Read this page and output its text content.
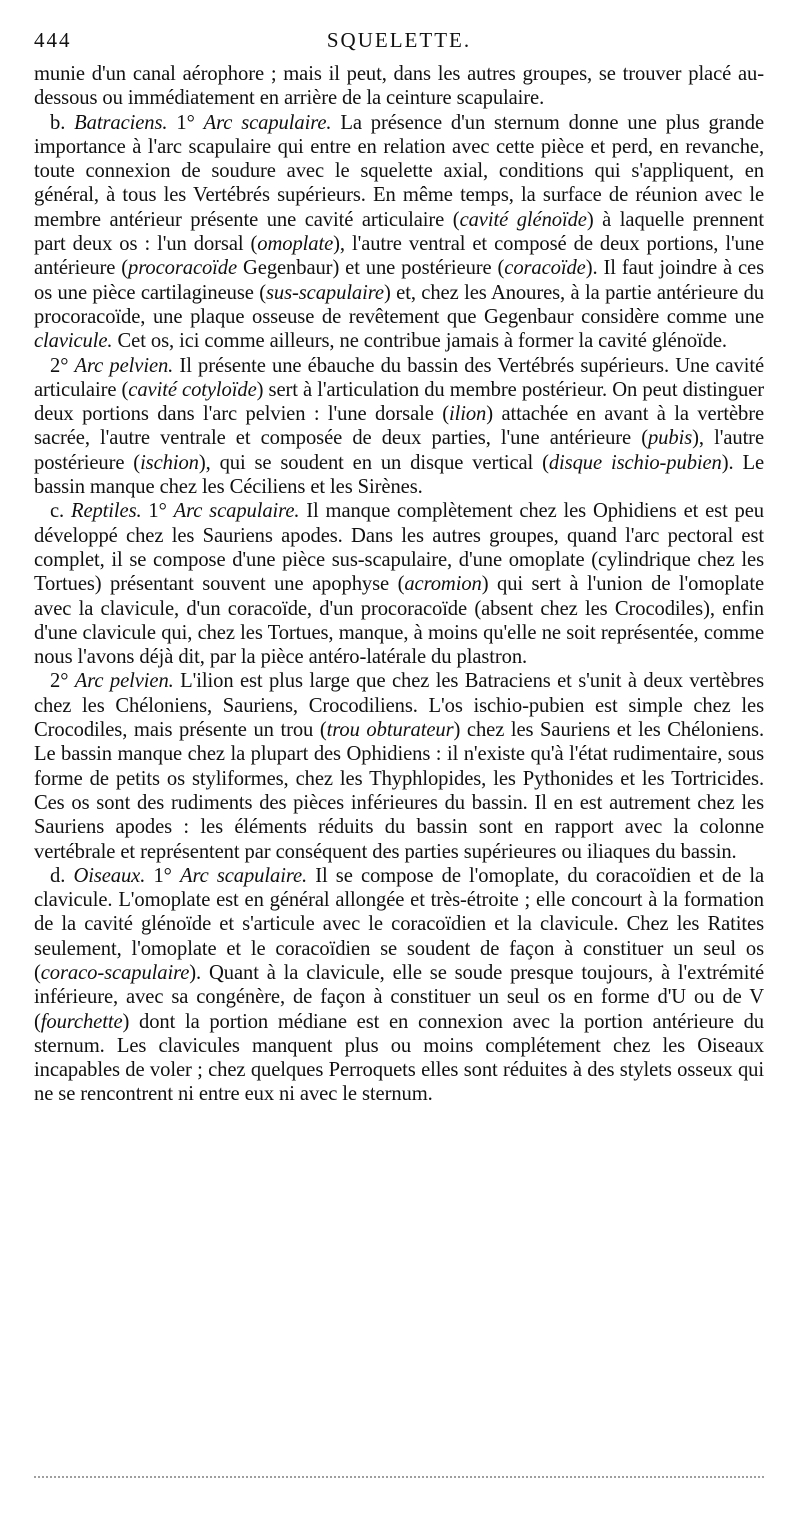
444	SQUELETTE.

munie d'un canal aérophore ; mais il peut, dans les autres groupes, se trouver placé au-dessous ou immédiatement en arrière de la ceinture scapulaire.

b. Batraciens. 1° Arc scapulaire. La présence d'un sternum donne une plus grande importance à l'arc scapulaire qui entre en relation avec cette pièce et perd, en revanche, toute connexion de soudure avec le squelette axial, conditions qui s'appliquent, en général, à tous les Vertébrés supérieurs. En même temps, la surface de réunion avec le membre antérieur présente une cavité articulaire (cavité glénoïde) à laquelle prennent part deux os : l'un dorsal (omoplate), l'autre ventral et composé de deux portions, l'une antérieure (procoracoïde Gegenbaur) et une postérieure (coracoïde). Il faut joindre à ces os une pièce cartilagineuse (sus-scapulaire) et, chez les Anoures, à la partie antérieure du procoracoïde, une plaque osseuse de revêtement que Gegenbaur considère comme une clavicule. Cet os, ici comme ailleurs, ne contribue jamais à former la cavité glénoïde.

2° Arc pelvien. Il présente une ébauche du bassin des Vertébrés supérieurs. Une cavité articulaire (cavité cotyloïde) sert à l'articulation du membre postérieur. On peut distinguer deux portions dans l'arc pelvien : l'une dorsale (ilion) attachée en avant à la vertèbre sacrée, l'autre ventrale et composée de deux parties, l'une antérieure (pubis), l'autre postérieure (ischion), qui se soudent en un disque vertical (disque ischio-pubien). Le bassin manque chez les Céciliens et les Sirènes.

c. Reptiles. 1° Arc scapulaire. Il manque complètement chez les Ophidiens et est peu développé chez les Sauriens apodes. Dans les autres groupes, quand l'arc pectoral est complet, il se compose d'une pièce sus-scapulaire, d'une omoplate (cylindrique chez les Tortues) présentant souvent une apophyse (acromion) qui sert à l'union de l'omoplate avec la clavicule, d'un coracoïde, d'un procoracoïde (absent chez les Crocodiles), enfin d'une clavicule qui, chez les Tortues, manque, à moins qu'elle ne soit représentée, comme nous l'avons déjà dit, par la pièce antéro-latérale du plastron.

2° Arc pelvien. L'ilion est plus large que chez les Batraciens et s'unit à deux vertèbres chez les Chéloniens, Sauriens, Crocodiliens. L'os ischio-pubien est simple chez les Crocodiles, mais présente un trou (trou obturateur) chez les Sauriens et les Chéloniens. Le bassin manque chez la plupart des Ophidiens : il n'existe qu'à l'état rudimentaire, sous forme de petits os styliformes, chez les Thyphlopides, les Pythonides et les Tortricides. Ces os sont des rudiments des pièces inférieures du bassin. Il en est autrement chez les Sauriens apodes : les éléments réduits du bassin sont en rapport avec la colonne vertébrale et représentent par conséquent des parties supérieures ou iliaques du bassin.

d. Oiseaux. 1° Arc scapulaire. Il se compose de l'omoplate, du coracoïdien et de la clavicule. L'omoplate est en général allongée et très-étroite ; elle concourt à la formation de la cavité glénoïde et s'articule avec le coracoïdien et la clavicule. Chez les Ratites seulement, l'omoplate et le coracoïdien se soudent de façon à constituer un seul os (coraco-scapulaire). Quant à la clavicule, elle se soude presque toujours, à l'extrémité inférieure, avec sa congénère, de façon à constituer un seul os en forme d'U ou de V (fourchette) dont la portion médiane est en connexion avec la portion antérieure du sternum. Les clavicules manquent plus ou moins complétement chez les Oiseaux incapables de voler ; chez quelques Perroquets elles sont réduites à des stylets osseux qui ne se rencontrent ni entre eux ni avec le sternum.
